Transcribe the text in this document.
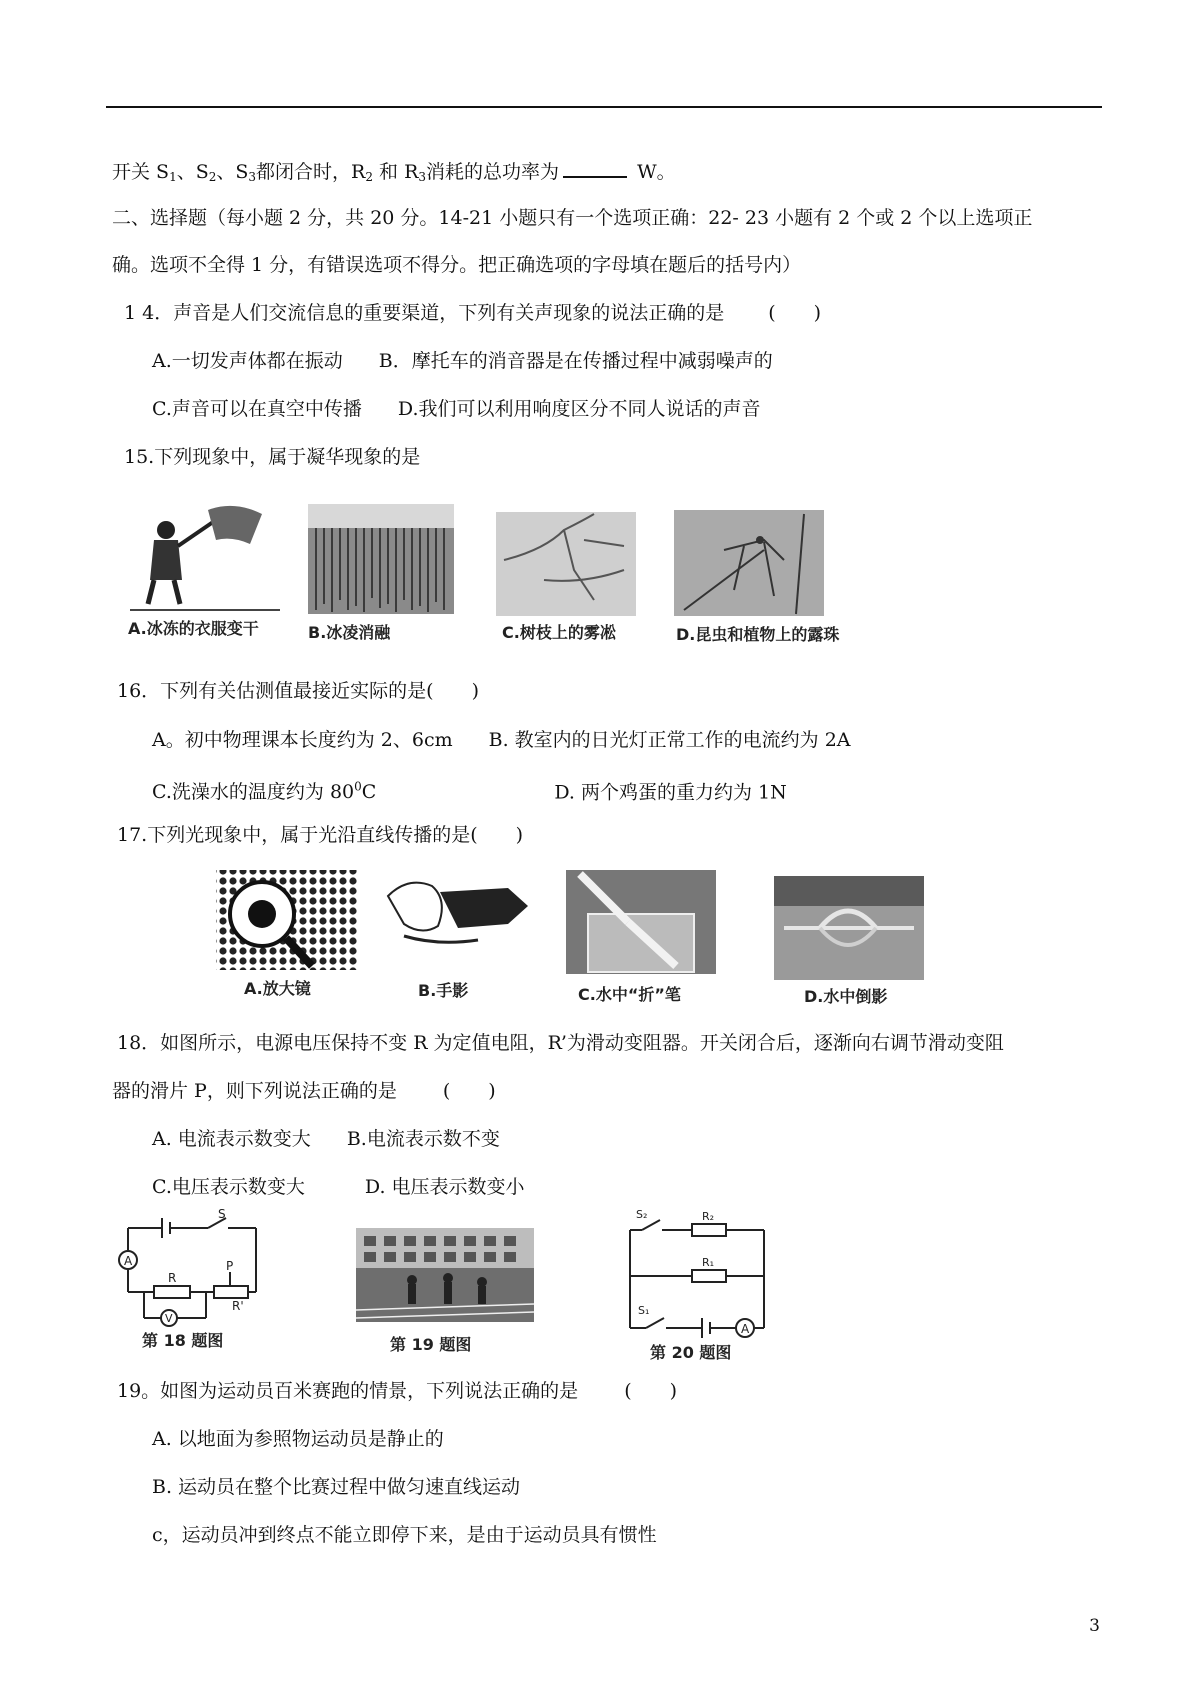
开关 $S_1$、$S_2$、$S_3$都闭合时，$R_2$ 和 $R_3$消耗的总功率为	W。
二、选择题（每小题 2 分，共 20 分。14-21 小题只有一个选项正确：22- 23 小题有 2 个或 2 个以上选项正
确。选项不全得 1 分，有错误选项不得分。把正确选项的字母填在题后的括号内）
1 4．声音是人们交流信息的重要渠道，下列有关声现象的说法正确的是 (　　)
A.一切发声体都在振动 B．摩托车的消音器是在传播过程中减弱噪声的
C.声音可以在真空中传播 D.我们可以利用响度区分不同人说话的声音
15.下列现象中，属于凝华现象的是
A.冰冻的衣服变干	B.冰凌消融	C.树枝上的雾凇	D.昆虫和植物上的露珠
16．下列有关估测值最接近实际的是(　　)
A。初中物理课本长度约为 2、6cm B. 教室内的日光灯正常工作的电流约为 2A
C.洗澡水的温度约为 $80^0C$	D. 两个鸡蛋的重力约为 1N
17.下列光现象中，属于光沿直线传播的是(　　)
A.放大镜	B.手影	C.水中“折”笔	D.水中倒影
18．如图所示，电源电压保持不变 R 为定值电阻，R’为滑动变阻器。开关闭合后，逐渐向右调节滑动变阻
器的滑片 P，则下列说法正确的是 (　　)
A. 电流表示数变大 B.电流表示数不变
C.电压表示数变大	D. 电压表示数变小
A
V
S
R
P
R'
第 18 题图	第 19 题图
A
S₂	R₂
R₁
S₁
第 20 题图
19。如图为运动员百米赛跑的情景，下列说法正确的是 (　　)
A. 以地面为参照物运动员是静止的
B. 运动员在整个比赛过程中做匀速直线运动
c，运动员冲到终点不能立即停下来，是由于运动员具有惯性
3
